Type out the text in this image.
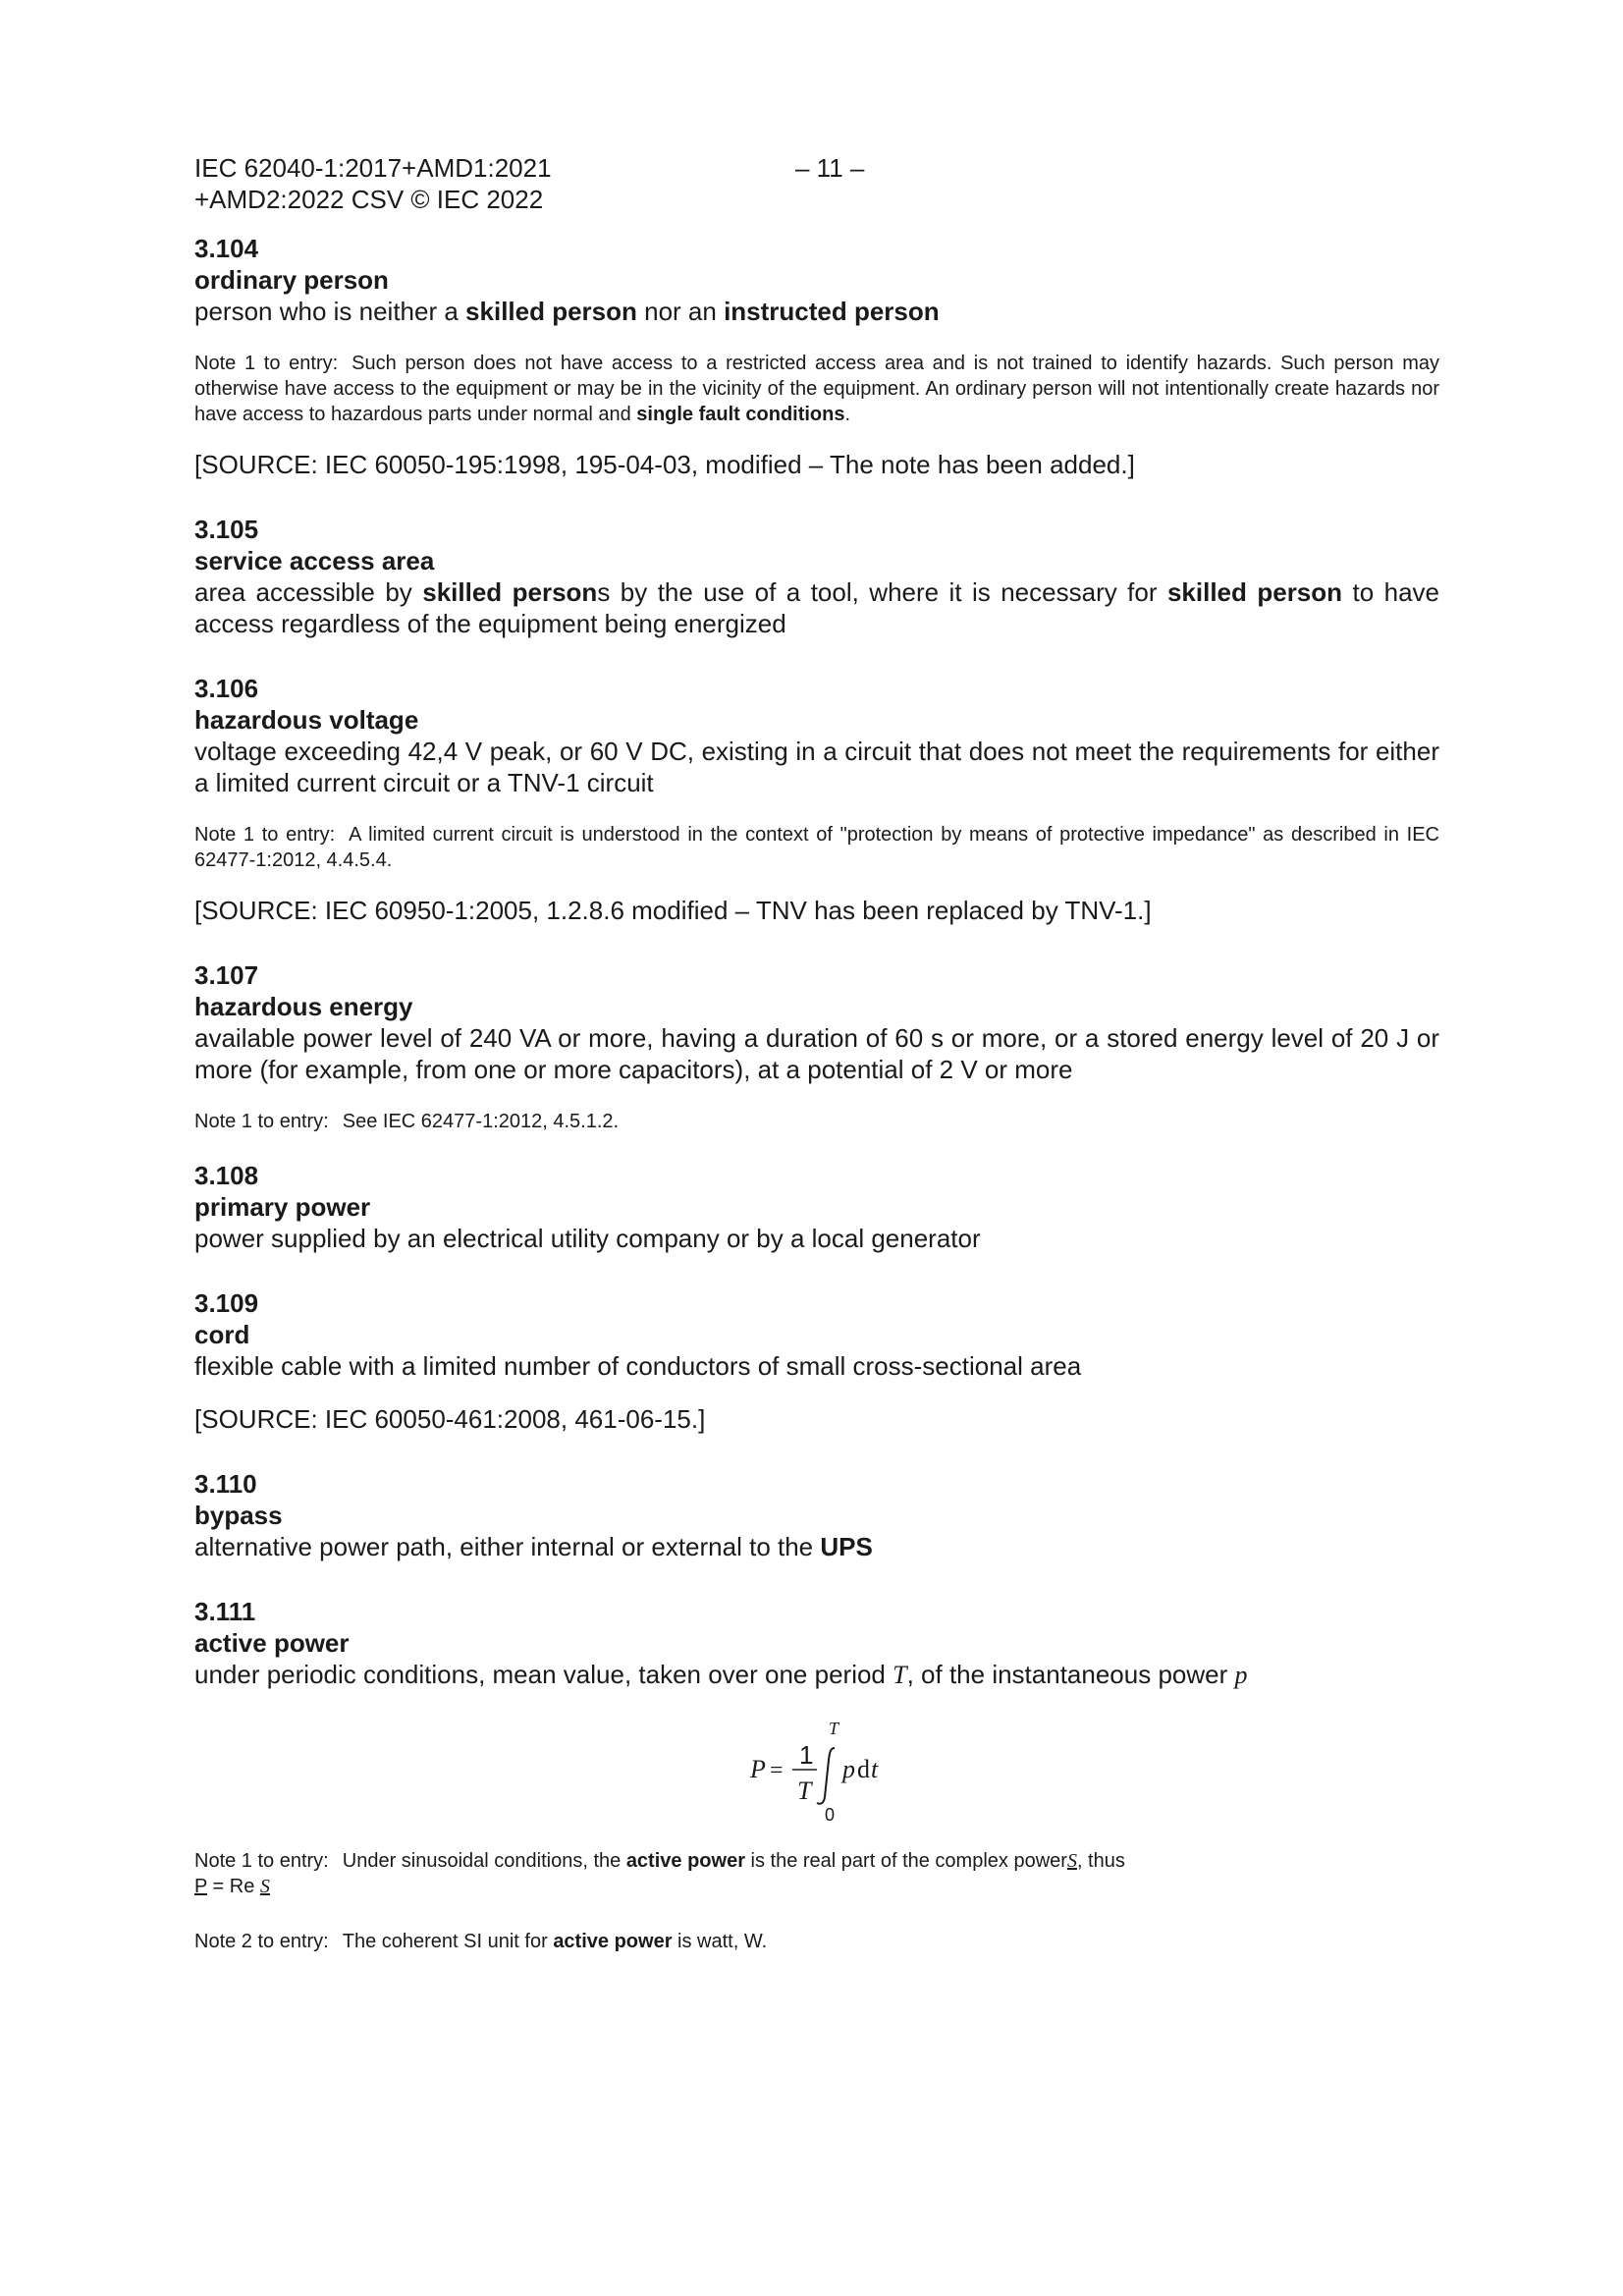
IEC 62040-1:2017+AMD1:2021
+AMD2:2022 CSV © IEC 2022
– 11 –
3.104
ordinary person
person who is neither a skilled person nor an instructed person
Note 1 to entry: Such person does not have access to a restricted access area and is not trained to identify hazards. Such person may otherwise have access to the equipment or may be in the vicinity of the equipment. An ordinary person will not intentionally create hazards nor have access to hazardous parts under normal and single fault conditions.
[SOURCE: IEC 60050-195:1998, 195-04-03, modified – The note has been added.]
3.105
service access area
area accessible by skilled persons by the use of a tool, where it is necessary for skilled person to have access regardless of the equipment being energized
3.106
hazardous voltage
voltage exceeding 42,4 V peak, or 60 V DC, existing in a circuit that does not meet the requirements for either a limited current circuit or a TNV-1 circuit
Note 1 to entry: A limited current circuit is understood in the context of "protection by means of protective impedance" as described in IEC 62477-1:2012, 4.4.5.4.
[SOURCE: IEC 60950-1:2005, 1.2.8.6 modified – TNV has been replaced by TNV-1.]
3.107
hazardous energy
available power level of 240 VA or more, having a duration of 60 s or more, or a stored energy level of 20 J or more (for example, from one or more capacitors), at a potential of 2 V or more
Note 1 to entry: See IEC 62477-1:2012, 4.5.1.2.
3.108
primary power
power supplied by an electrical utility company or by a local generator
3.109
cord
flexible cable with a limited number of conductors of small cross-sectional area
[SOURCE: IEC 60050-461:2008, 461-06-15.]
3.110
bypass
alternative power path, either internal or external to the UPS
3.111
active power
under periodic conditions, mean value, taken over one period T, of the instantaneous power p
P =
1
T
T
0
p d t
Note 1 to entry: Under sinusoidal conditions, the active power is the real part of the complex powerS, thus
P = Re S
Note 2 to entry: The coherent SI unit for active power is watt, W.
